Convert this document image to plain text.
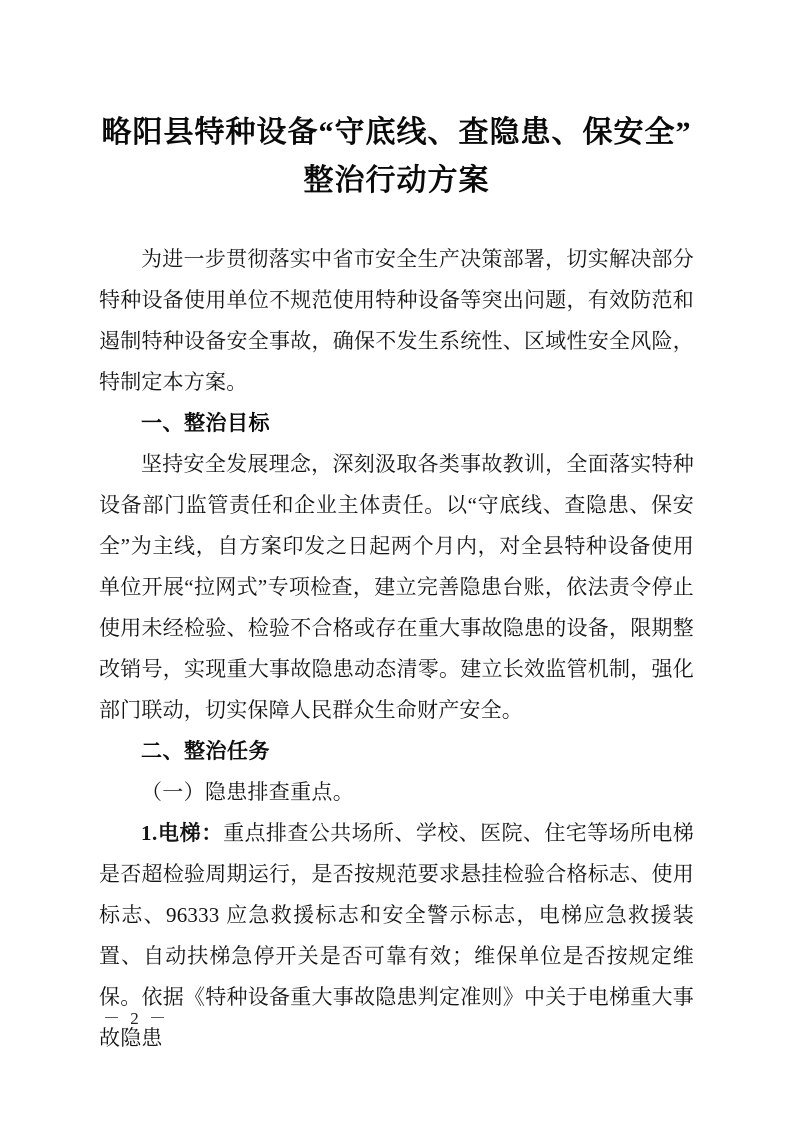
略阳县特种设备“守底线、查隐患、保安全”
整治行动方案

为进一步贯彻落实中省市安全生产决策部署，切实解决部分特种设备使用单位不规范使用特种设备等突出问题，有效防范和遏制特种设备安全事故，确保不发生系统性、区域性安全风险，特制定本方案。

一、整治目标

坚持安全发展理念，深刻汲取各类事故教训，全面落实特种设备部门监管责任和企业主体责任。以“守底线、查隐患、保安全”为主线，自方案印发之日起两个月内，对全县特种设备使用单位开展“拉网式”专项检查，建立完善隐患台账，依法责令停止使用未经检验、检验不合格或存在重大事故隐患的设备，限期整改销号，实现重大事故隐患动态清零。建立长效监管机制，强化部门联动，切实保障人民群众生命财产安全。

二、整治任务

（一）隐患排查重点。

1.电梯：重点排查公共场所、学校、医院、住宅等场所电梯是否超检验周期运行，是否按规范要求悬挂检验合格标志、使用标志、96333 应急救援标志和安全警示标志，电梯应急救援装置、自动扶梯急停开关是否可靠有效；维保单位是否按规定维保。依据《特种设备重大事故隐患判定准则》中关于电梯重大事故隐患

－ 2 －
